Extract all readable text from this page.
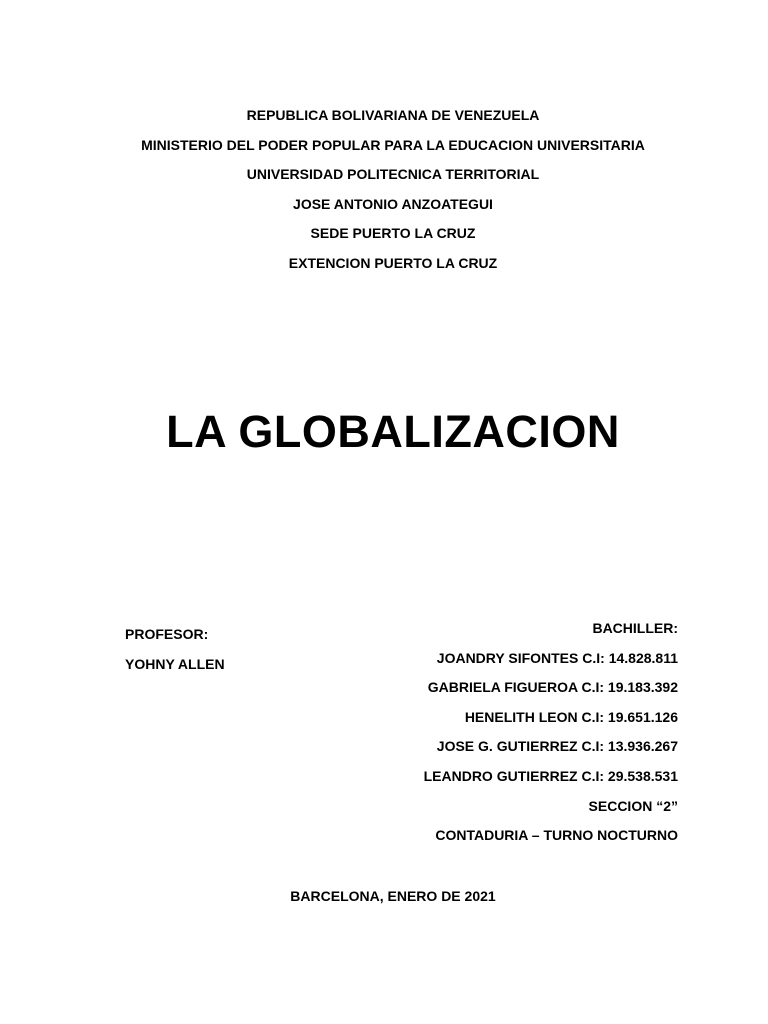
REPUBLICA BOLIVARIANA DE VENEZUELA
MINISTERIO DEL PODER POPULAR PARA LA EDUCACION UNIVERSITARIA
UNIVERSIDAD POLITECNICA TERRITORIAL
JOSE ANTONIO ANZOATEGUI
SEDE PUERTO LA CRUZ
EXTENCION PUERTO LA CRUZ
LA GLOBALIZACION
PROFESOR:
YOHNY ALLEN
BACHILLER:
JOANDRY SIFONTES C.I: 14.828.811
GABRIELA FIGUEROA C.I: 19.183.392
HENELITH LEON C.I: 19.651.126
JOSE G. GUTIERREZ C.I: 13.936.267
LEANDRO GUTIERREZ C.I: 29.538.531
SECCION “2”
CONTADURIA – TURNO NOCTURNO
BARCELONA, ENERO DE 2021
